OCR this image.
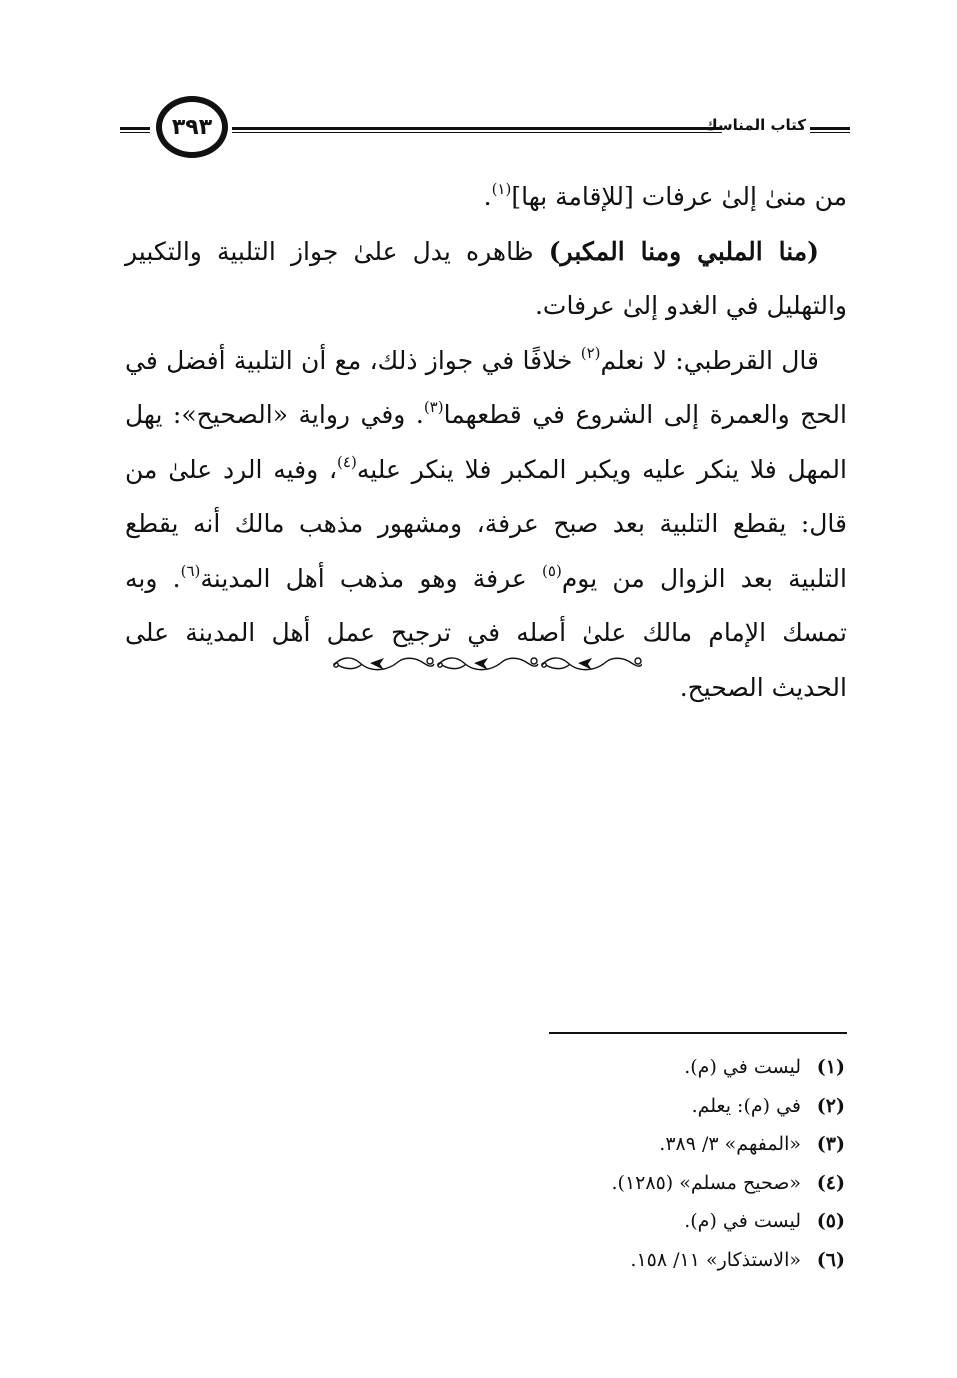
كتاب المناسك
٣٩٣

من منىٰ إلىٰ عرفات [للإقامة بها]$^{(١)}$.

(منا الملبي ومنا المكبر) ظاهره يدل علىٰ جواز التلبية والتكبير والتهليل في الغدو إلىٰ عرفات.

قال القرطبي: لا نعلم$^{(٢)}$ خلافًا في جواز ذلك، مع أن التلبية أفضل في الحج والعمرة إلى الشروع في قطعهما$^{(٣)}$. وفي رواية «الصحيح»: يهل المهل فلا ينكر عليه ويكبر المكبر فلا ينكر عليه$^{(٤)}$، وفيه الرد علىٰ من قال: يقطع التلبية بعد صبح عرفة، ومشهور مذهب مالك أنه يقطع التلبية بعد الزوال من يوم$^{(٥)}$ عرفة وهو مذهب أهل المدينة$^{(٦)}$. وبه تمسك الإمام مالك علىٰ أصله في ترجيح عمل أهل المدينة على الحديث الصحيح.

(١)
ليست في (م).
(٢)
في (م): يعلم.
(٣)
«المفهم» ٣/ ٣٨٩.
(٤)
«صحيح مسلم» (١٢٨٥).
(٥)
ليست في (م).
(٦)
«الاستذكار» ١١/ ١٥٨.
